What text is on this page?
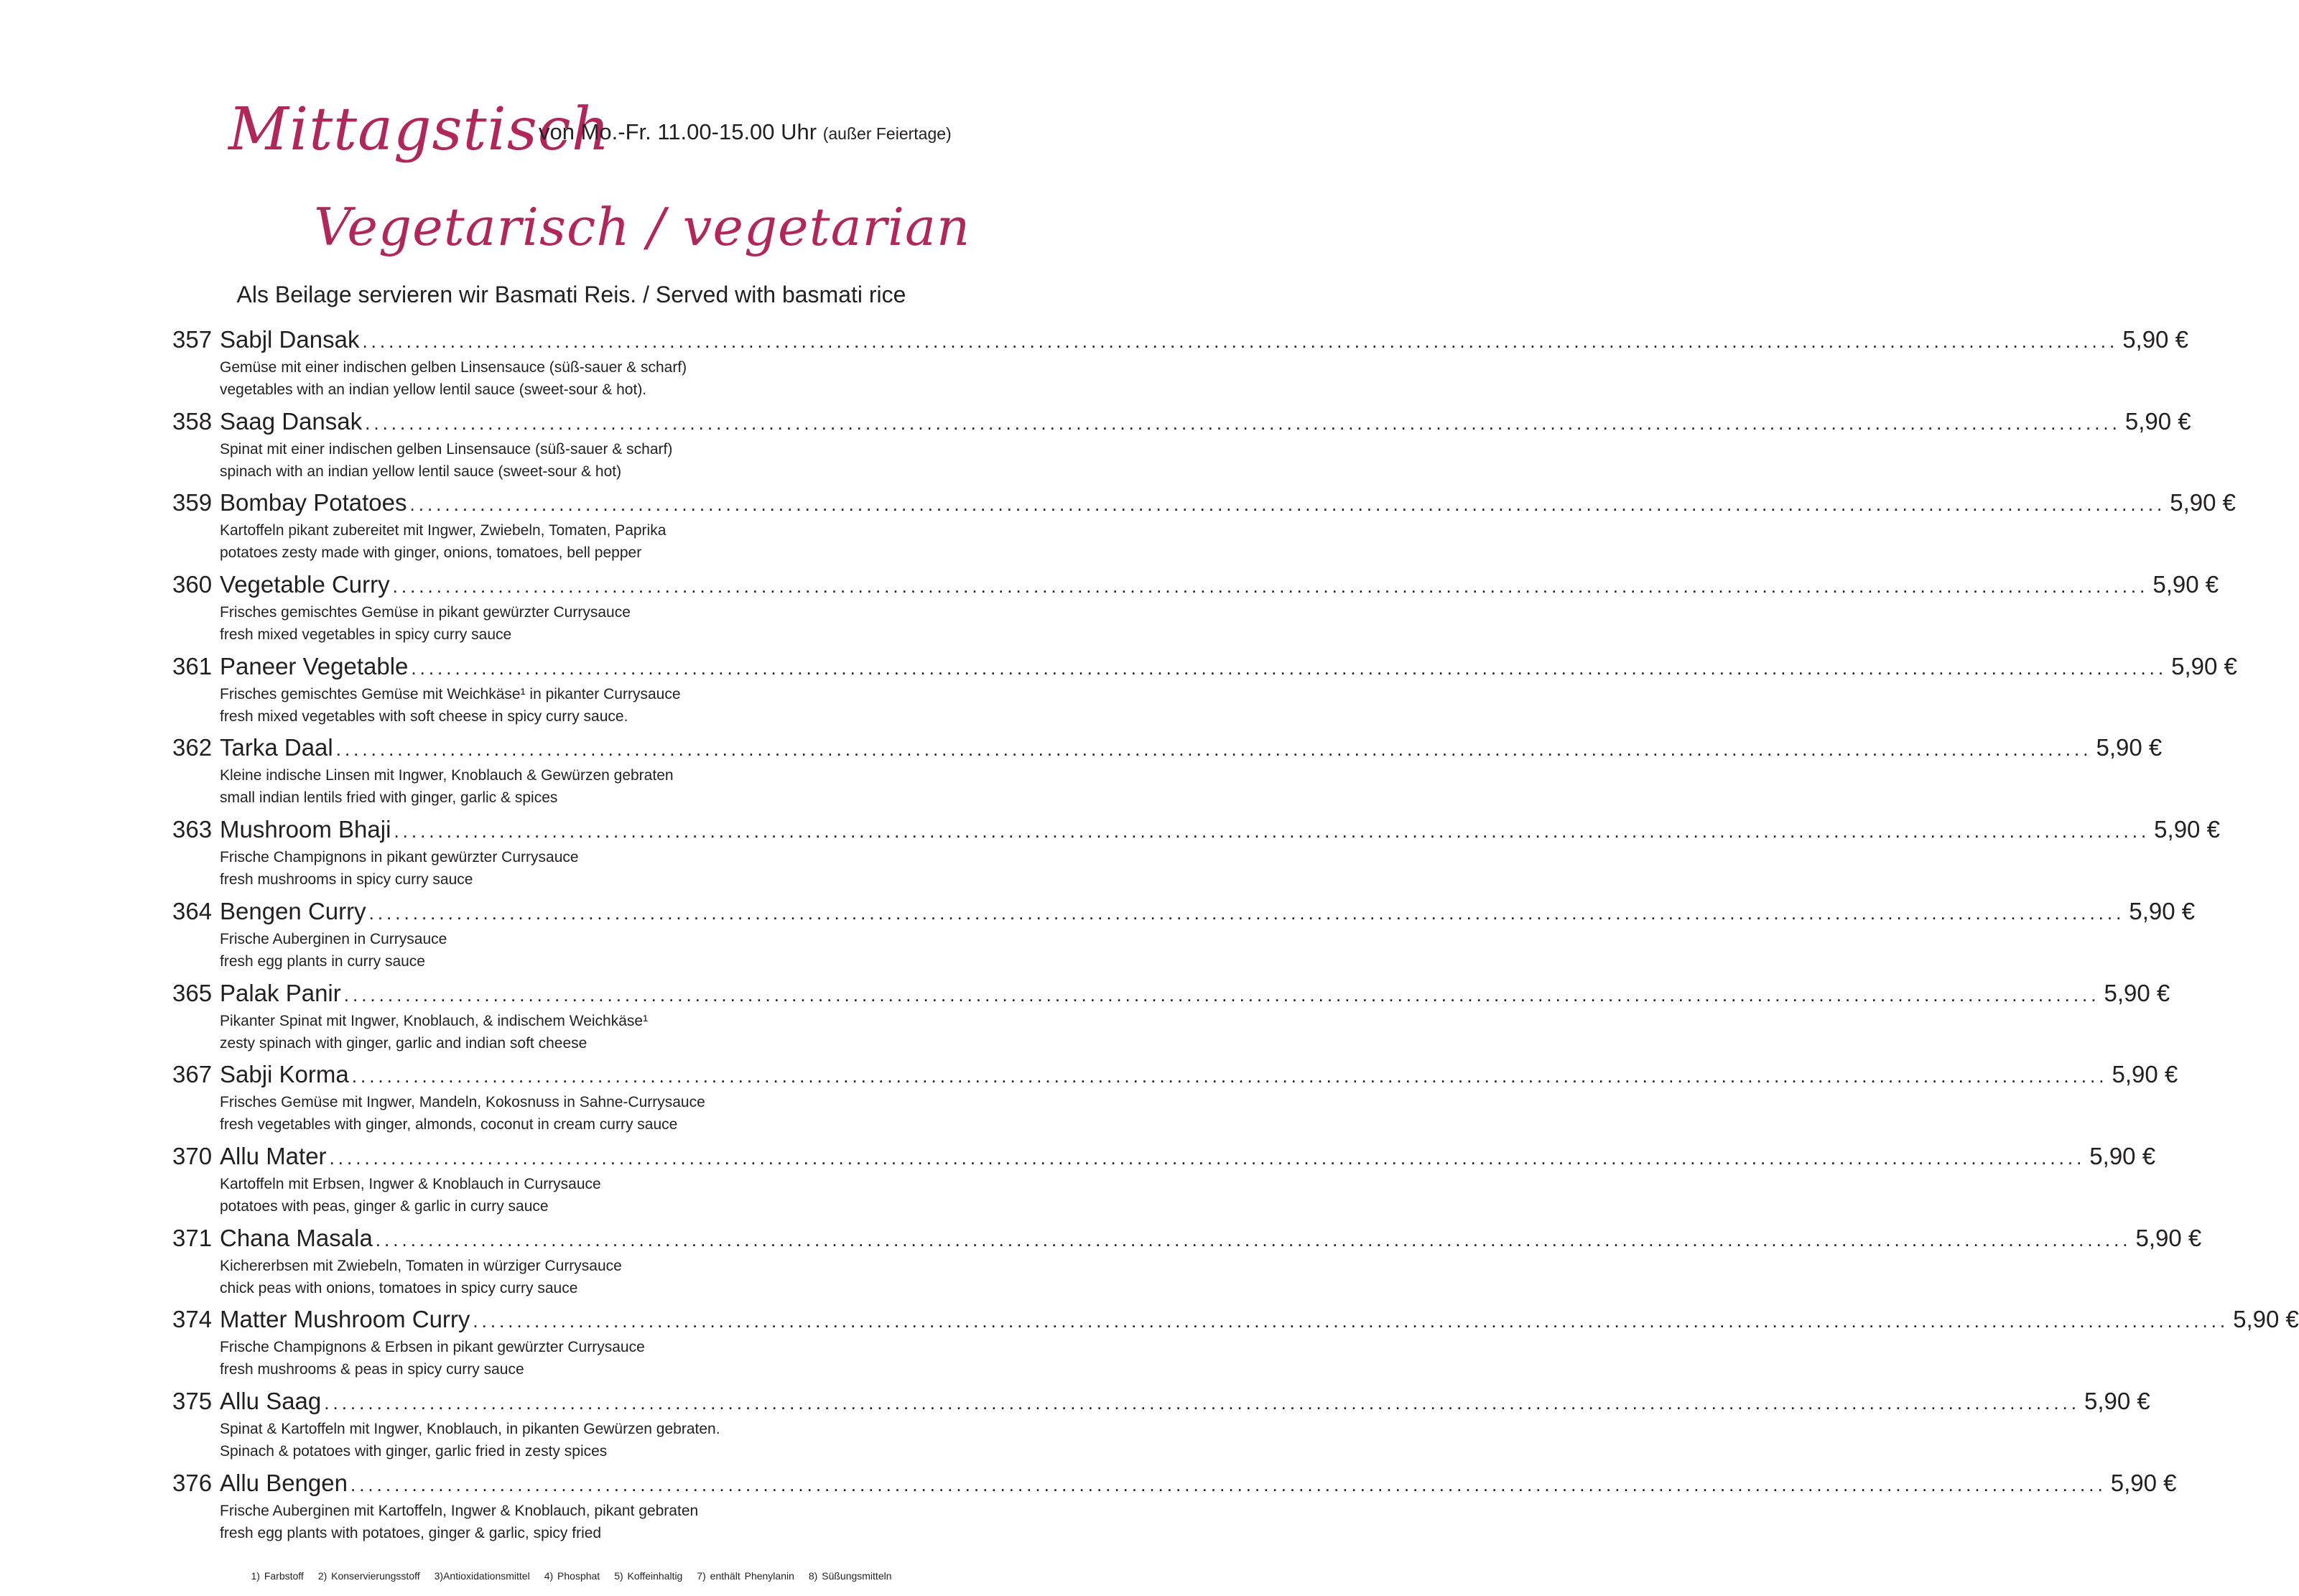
Mittagstisch
von Mo.-Fr. 11.00-15.00 Uhr (außer Feiertage)
Vegetarisch / vegetarian
Als Beilage servieren wir Basmati Reis. / Served with basmati rice
357 Sabjl Dansak ........................................................................................................................................................................................................ 5,90 €
Gemüse mit einer indischen gelben Linsensauce (süß-sauer & scharf)
vegetables with an indian yellow lentil sauce (sweet-sour & hot).
358 Saag Dansak ........................................................................................................................................................................................................ 5,90 €
Spinat mit einer indischen gelben Linsensauce (süß-sauer & scharf)
spinach with an indian yellow lentil sauce (sweet-sour & hot)
359 Bombay Potatoes ........................................................................................................................................................................................................ 5,90 €
Kartoffeln pikant zubereitet mit Ingwer, Zwiebeln, Tomaten, Paprika
potatoes zesty made with ginger, onions, tomatoes, bell pepper
360 Vegetable Curry ........................................................................................................................................................................................................ 5,90 €
Frisches gemischtes Gemüse in pikant gewürzter Currysauce
fresh mixed vegetables in spicy curry sauce
361 Paneer Vegetable ........................................................................................................................................................................................................ 5,90 €
Frisches gemischtes Gemüse mit Weichkäse¹ in pikanter Currysauce
fresh mixed vegetables with soft cheese in spicy curry sauce.
362 Tarka Daal ........................................................................................................................................................................................................ 5,90 €
Kleine indische Linsen mit Ingwer, Knoblauch & Gewürzen gebraten
small indian lentils fried with ginger, garlic & spices
363 Mushroom Bhaji ........................................................................................................................................................................................................ 5,90 €
Frische Champignons in pikant gewürzter Currysauce
fresh mushrooms in spicy curry sauce
364 Bengen Curry ........................................................................................................................................................................................................ 5,90 €
Frische Auberginen in Currysauce
fresh egg plants in curry sauce
365 Palak Panir ........................................................................................................................................................................................................ 5,90 €
Pikanter Spinat mit Ingwer, Knoblauch, & indischem Weichkäse¹
zesty spinach with ginger, garlic and indian soft cheese
367 Sabji Korma ........................................................................................................................................................................................................ 5,90 €
Frisches Gemüse mit Ingwer, Mandeln, Kokosnuss in Sahne-Currysauce
fresh vegetables with ginger, almonds, coconut in cream curry sauce
370 Allu Mater ........................................................................................................................................................................................................ 5,90 €
Kartoffeln mit Erbsen, Ingwer & Knoblauch in Currysauce
potatoes with peas, ginger & garlic in curry sauce
371 Chana Masala ........................................................................................................................................................................................................ 5,90 €
Kichererbsen mit Zwiebeln, Tomaten in würziger Currysauce
chick peas with onions, tomatoes in spicy curry sauce
374 Matter Mushroom Curry ........................................................................................................................................................................................................ 5,90 €
Frische Champignons & Erbsen in pikant gewürzter Currysauce
fresh mushrooms & peas in spicy curry sauce
375 Allu Saag ........................................................................................................................................................................................................ 5,90 €
Spinat & Kartoffeln mit Ingwer, Knoblauch, in pikanten Gewürzen gebraten.
Spinach & potatoes with ginger, garlic fried in zesty spices
376 Allu Bengen ........................................................................................................................................................................................................ 5,90 €
Frische Auberginen mit Kartoffeln, Ingwer & Knoblauch, pikant gebraten
fresh egg plants with potatoes, ginger & garlic, spicy fried
1) Farbstoff 2) Konservierungsstoff 3)Antioxidationsmittel 4) Phosphat 5) Koffeinhaltig 7) enthält Phenylanin 8) Süßungsmitteln
